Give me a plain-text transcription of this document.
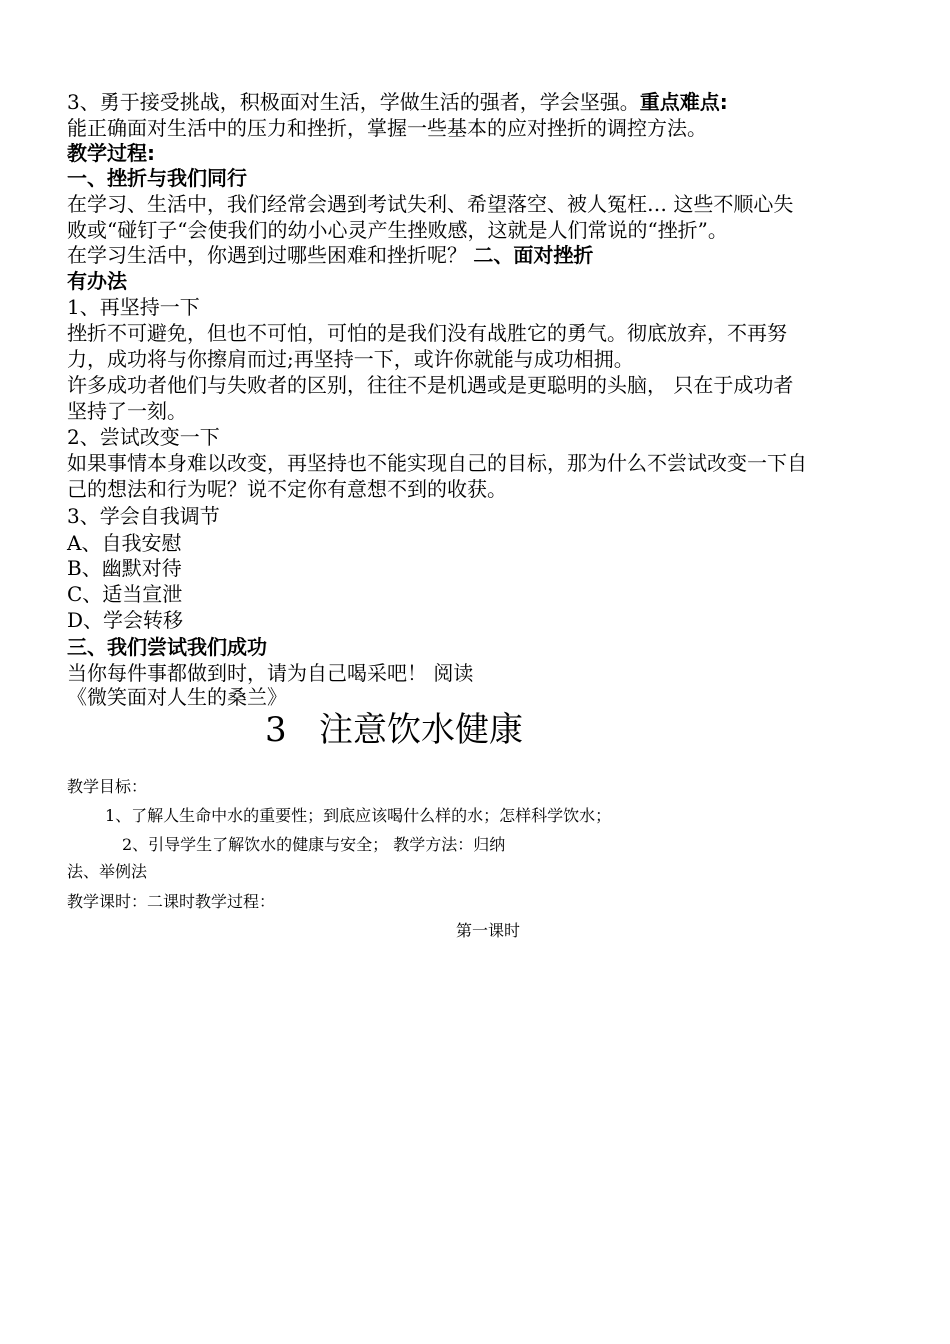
3、勇于接受挑战，积极面对生活，学做生活的强者，学会坚强。重点难点:
能正确面对生活中的压力和挫折，掌握一些基本的应对挫折的调控方法。
教学过程:
一、挫折与我们同行
在学习、生活中，我们经常会遇到考试失利、希望落空、被人冤枉… 这些不顺心失
败或“碰钉子“会使我们的幼小心灵产生挫败感，这就是人们常说的“挫折”。
在学习生活中，你遇到过哪些困难和挫折呢？ 二、面对挫折
有办法
1、再坚持一下
挫折不可避免，但也不可怕，可怕的是我们没有战胜它的勇气。彻底放弃，不再努
力，成功将与你擦肩而过;再坚持一下，或许你就能与成功相拥。
许多成功者他们与失败者的区别，往往不是机遇或是更聪明的头脑， 只在于成功者
坚持了一刻。
2、尝试改变一下
如果事情本身难以改变，再坚持也不能实现自己的目标，那为什么不尝试改变一下自
己的想法和行为呢？说不定你有意想不到的收获。
3、学会自我调节
A、自我安慰
B、幽默对待
C、适当宣泄
D、学会转移
三、我们尝试我们成功
当你每件事都做到时，请为自己喝采吧！ 阅读
《微笑面对人生的桑兰》
3   注意饮水健康
教学目标：
1、了解人生命中水的重要性；到底应该喝什么样的水；怎样科学饮水；
2、引导学生了解饮水的健康与安全； 教学方法：归纳
法、举例法
教学课时：二课时教学过程：
第一课时
